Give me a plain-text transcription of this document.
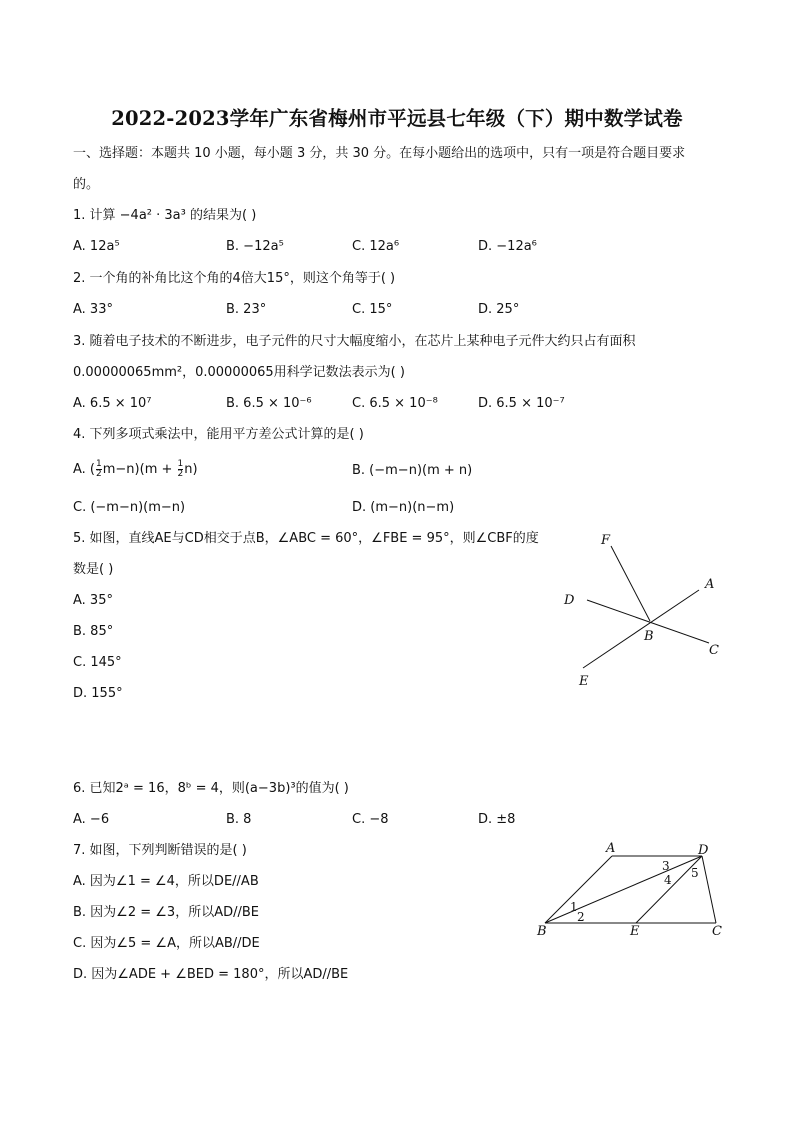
2022-2023学年广东省梅州市平远县七年级（下）期中数学试卷
一、选择题：本题共 10 小题，每小题 3 分，共 30 分。在每小题给出的选项中，只有一项是符合题目要求
的。
1. 计算 −4a² · 3a³ 的结果为( )
A. 12a⁵	B. −12a⁵	C. 12a⁶	D. −12a⁶
2. 一个角的补角比这个角的4倍大15°，则这个角等于( )
A. 33°	B. 23°	C. 15°	D. 25°
3. 随着电子技术的不断进步，电子元件的尺寸大幅度缩小，在芯片上某种电子元件大约只占有面积
0.00000065mm²，0.00000065用科学记数法表示为( )
A. 6.5 × 10⁷	B. 6.5 × 10⁻⁶	C. 6.5 × 10⁻⁸	D. 6.5 × 10⁻⁷
4. 下列多项式乘法中，能用平方差公式计算的是( )
A. ( $\frac{1}{2} m-n)(m + \frac{1}{2} n)$	B. (−m−n)(m + n)
C. (−m−n)(m−n)	D. (m−n)(n−m)
5. 如图，直线AE与CD相交于点B，∠ABC = 60°，∠FBE = 95°，则∠CBF的度
数是( )
A. 35°
B. 85°
C. 145°
D. 155°
F
A
D
B
C
E
6. 已知2ᵃ = 16，8ᵇ = 4，则(a−3b)³的值为( )
A. −6	B. 8	C. −8	D. ±8
7. 如图，下列判断错误的是( )
A. 因为∠1 = ∠4，所以DE//AB
B. 因为∠2 = ∠3，所以AD//BE
C. 因为∠5 = ∠A，所以AB//DE
D. 因为∠ADE + ∠BED = 180°，所以AD//BE
A	D
B	E	C
1
2
3
4 5
